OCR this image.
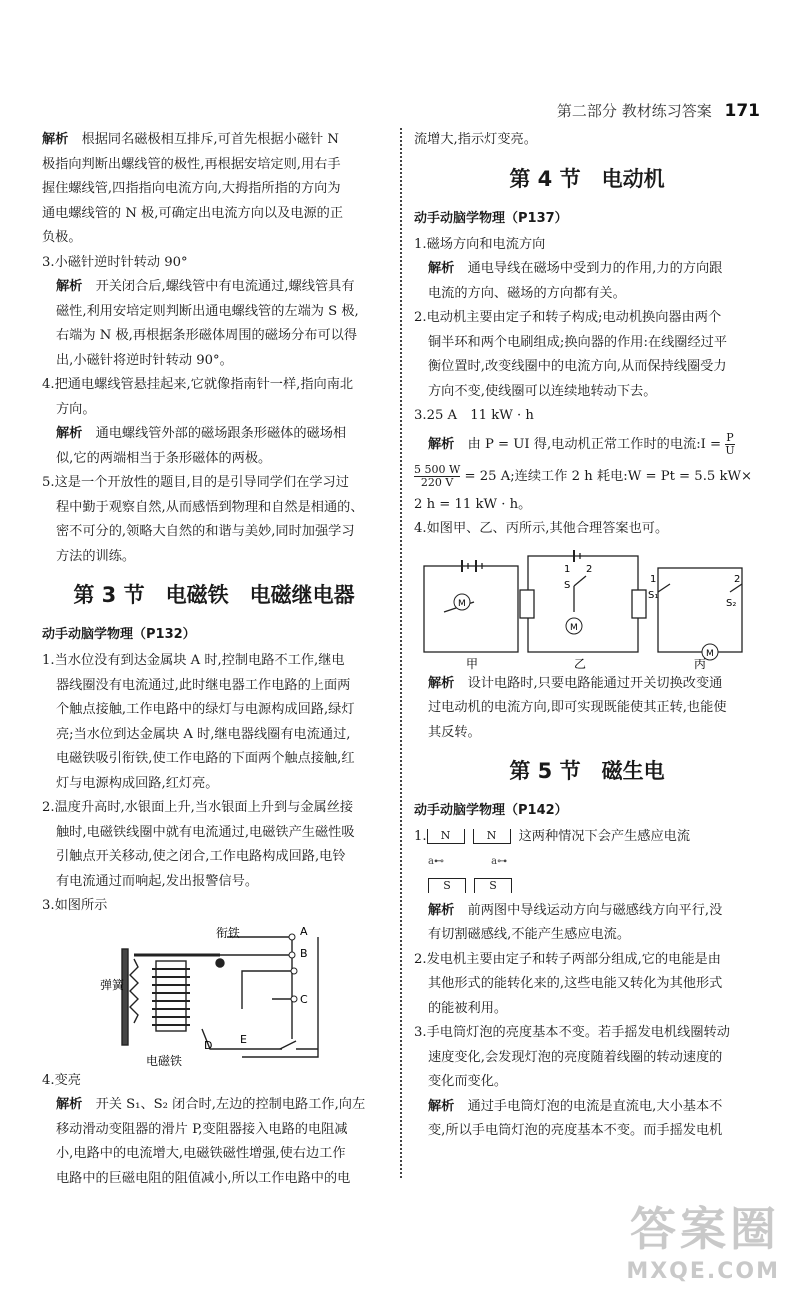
第二部分 教材练习答案 171
解析　 根据同名磁极相互排斥,可首先根据小磁针 N
极指向判断出螺线管的极性,再根据安培定则,用右手
握住螺线管,四指指向电流方向,大拇指所指的方向为
通电螺线管的 N 极,可确定出电流方向以及电源的正
负极。
3.小磁针逆时针转动 90°
解析　 开关闭合后,螺线管中有电流通过,螺线管具有
磁性,利用安培定则判断出通电螺线管的左端为 S 极,
右端为 N 极,再根据条形磁体周围的磁场分布可以得
出,小磁针将逆时针转动 90°。
4.把通电螺线管悬挂起来,它就像指南针一样,指向南北
方向。
解析　 通电螺线管外部的磁场跟条形磁体的磁场相
似,它的两端相当于条形磁体的两极。
5.这是一个开放性的题目,目的是引导同学们在学习过
程中勤于观察自然,从而感悟到物理和自然是相通的、
密不可分的,领略大自然的和谐与美妙,同时加强学习
方法的训练。
第 3 节　电磁铁　电磁继电器
动手动脑学物理（P132）
1.当水位没有到达金属块 A 时,控制电路不工作,继电
器线圈没有电流通过,此时继电器工作电路的上面两
个触点接触,工作电路中的绿灯与电源构成回路,绿灯
亮;当水位到达金属块 A 时,继电器线圈有电流通过,
电磁铁吸引衔铁,使工作电路的下面两个触点接触,红
灯与电源构成回路,红灯亮。
2.温度升高时,水银面上升,当水银面上升到与金属丝接
触时,电磁铁线圈中就有电流通过,电磁铁产生磁性吸
引触点开关移动,使之闭合,工作电路构成回路,电铃
有电流通过而响起,发出报警信号。
3.如图所示
衔铁
弹簧
电磁铁
A
B
C
D	E
4.变亮
解析　 开关 S₁、S₂ 闭合时,左边的控制电路工作,向左
移动滑动变阻器的滑片 P,变阻器接入电路的电阻减
小,电路中的电流增大,电磁铁磁性增强,使右边工作
电路中的巨磁电阻的阻值减小,所以工作电路中的电
流增大,指示灯变亮。
第 4 节　电动机
动手动脑学物理（P137）
1.磁场方向和电流方向
解析　 通电导线在磁场中受到力的作用,力的方向跟
电流的方向、磁场的方向都有关。
2.电动机主要由定子和转子构成;电动机换向器由两个
铜半环和两个电刷组成;换向器的作用:在线圈经过平
衡位置时,改变线圈中的电流方向,从而保持线圈受力
方向不变,使线圈可以连续地转动下去。
3.25 A　11 kW · h
解析　 由 P = UI 得,电动机正常工作时的电流:I = $\frac{P}{U}$
$\frac{5 500 W}{220 V} = 25$ A;连续工作 2 h 耗电:W = Pt = 5.5 kW×
2 h = 11 kW · h。
4.如图甲、乙、丙所示,其他合理答案也可。
M
M
M
S
1 2
S₁
S₂
1	2
甲	乙	丙
解析　 设计电路时,只要电路能通过开关切换改变通
过电动机的电流方向,即可实现既能使其正转,也能使
其反转。
第 5 节　磁生电
动手动脑学物理（P142）
1. N	N 这两种情况下会产生感应电流
a⊷	a⊶
S	S
解析　 前两图中导线运动方向与磁感线方向平行,没
有切割磁感线,不能产生感应电流。
2.发电机主要由定子和转子两部分组成,它的电能是由
其他形式的能转化来的,这些电能又转化为其他形式
的能被利用。
3.手电筒灯泡的亮度基本不变。若手摇发电机线圈转动
速度变化,会发现灯泡的亮度随着线圈的转动速度的
变化而变化。
解析　 通过手电筒灯泡的电流是直流电,大小基本不
变,所以手电筒灯泡的亮度基本不变。而手摇发电机
答案圈
MXQE.COM
